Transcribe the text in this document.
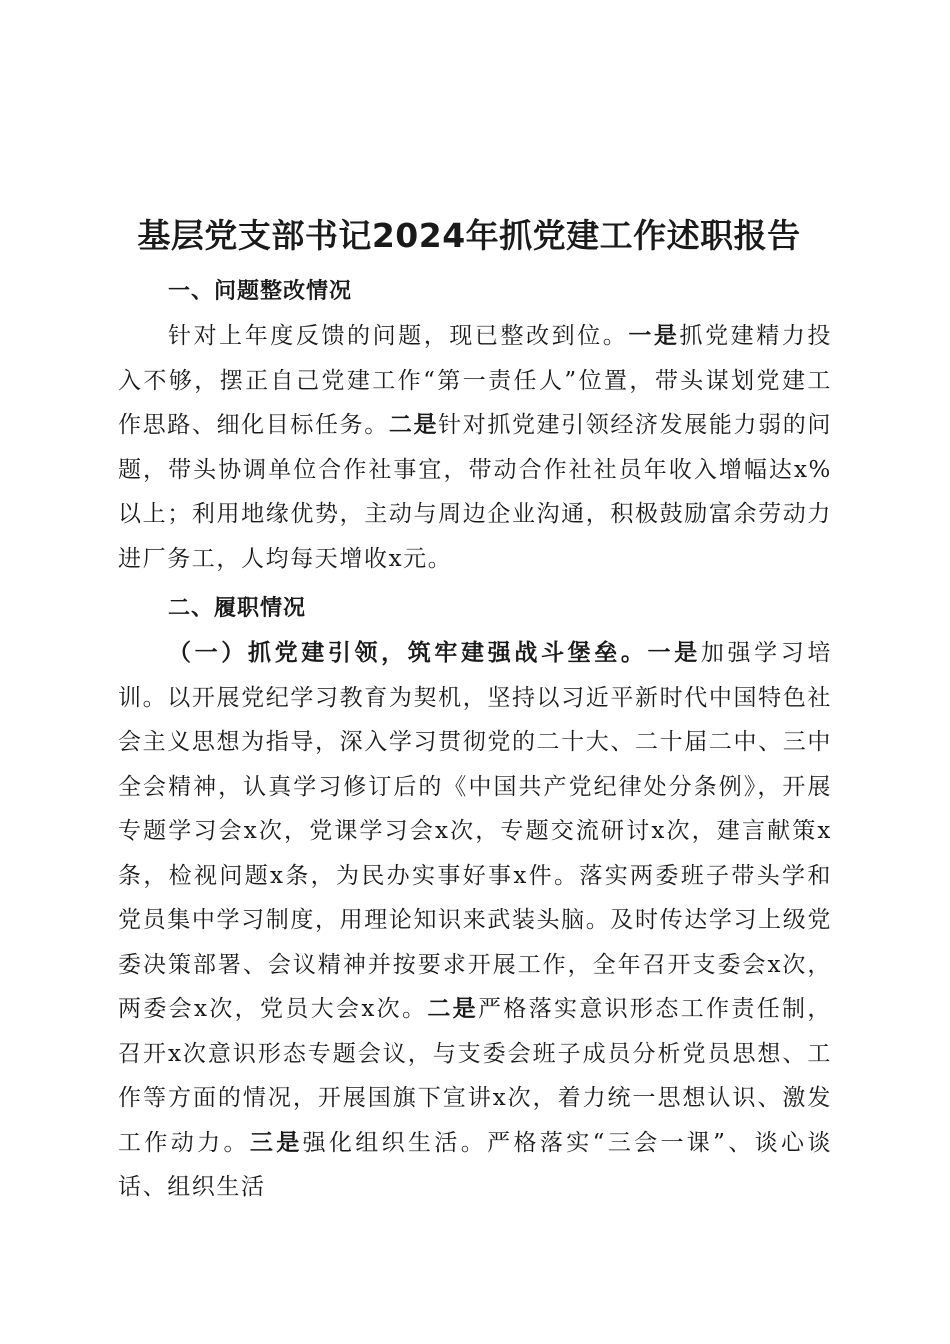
基层党支部书记2024年抓党建工作述职报告
一、问题整改情况

针对上年度反馈的问题，现已整改到位。一是抓党建精力投入不够，摆正自己党建工作“第一责任人”位置，带头谋划党建工作思路、细化目标任务。二是针对抓党建引领经济发展能力弱的问题，带头协调单位合作社事宜，带动合作社社员年收入增幅达x%以上；利用地缘优势，主动与周边企业沟通，积极鼓励富余劳动力进厂务工，人均每天增收x元。

二、履职情况

（一）抓党建引领，筑牢建强战斗堡垒。一是加强学习培训。以开展党纪学习教育为契机，坚持以习近平新时代中国特色社会主义思想为指导，深入学习贯彻党的二十大、二十届二中、三中全会精神，认真学习修订后的《中国共产党纪律处分条例》，开展专题学习会x次，党课学习会x次，专题交流研讨x次，建言献策x条，检视问题x条，为民办实事好事x件。落实两委班子带头学和党员集中学习制度，用理论知识来武装头脑。及时传达学习上级党委决策部署、会议精神并按要求开展工作，全年召开支委会x次，两委会x次，党员大会x次。二是严格落实意识形态工作责任制，召开x次意识形态专题会议，与支委会班子成员分析党员思想、工作等方面的情况，开展国旗下宣讲x次，着力统一思想认识、激发工作动力。三是强化组织生活。严格落实“三会一课”、谈心谈话、组织生活
